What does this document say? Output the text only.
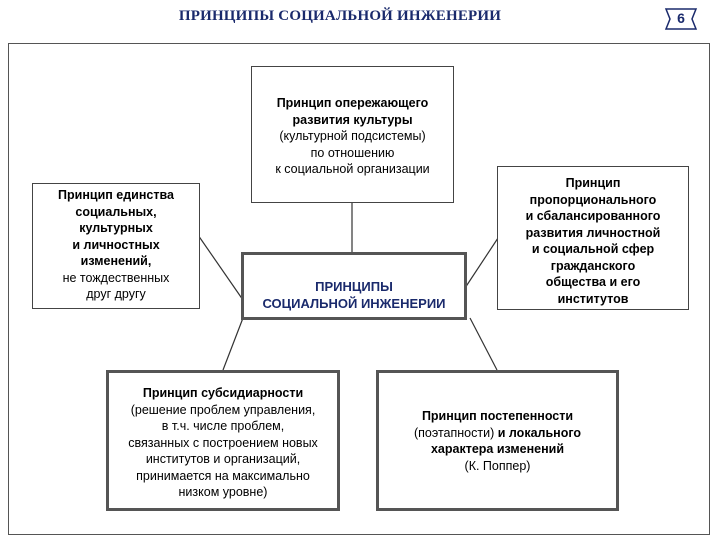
ПРИНЦИПЫ СОЦИАЛЬНОЙ ИНЖЕНЕРИИ	6
Принцип опережающего
развития культуры
(культурной подсистемы)
по отношению
к социальной организации
Принцип единства
социальных,
культурных
и личностных
изменений,
не тождественных
друг другу
Принцип
пропорционального
и сбалансированного
развития личностной
и социальной сфер
гражданского
общества и его
институтов
ПРИНЦИПЫ
СОЦИАЛЬНОЙ ИНЖЕНЕРИИ
Принцип субсидиарности
(решение проблем управления,
в т.ч. числе проблем,
связанных с построением новых
институтов и организаций,
принимается на максимально
низком уровне)
Принцип постепенности
(поэтапности) и локального
характера изменений
(К. Поппер)
